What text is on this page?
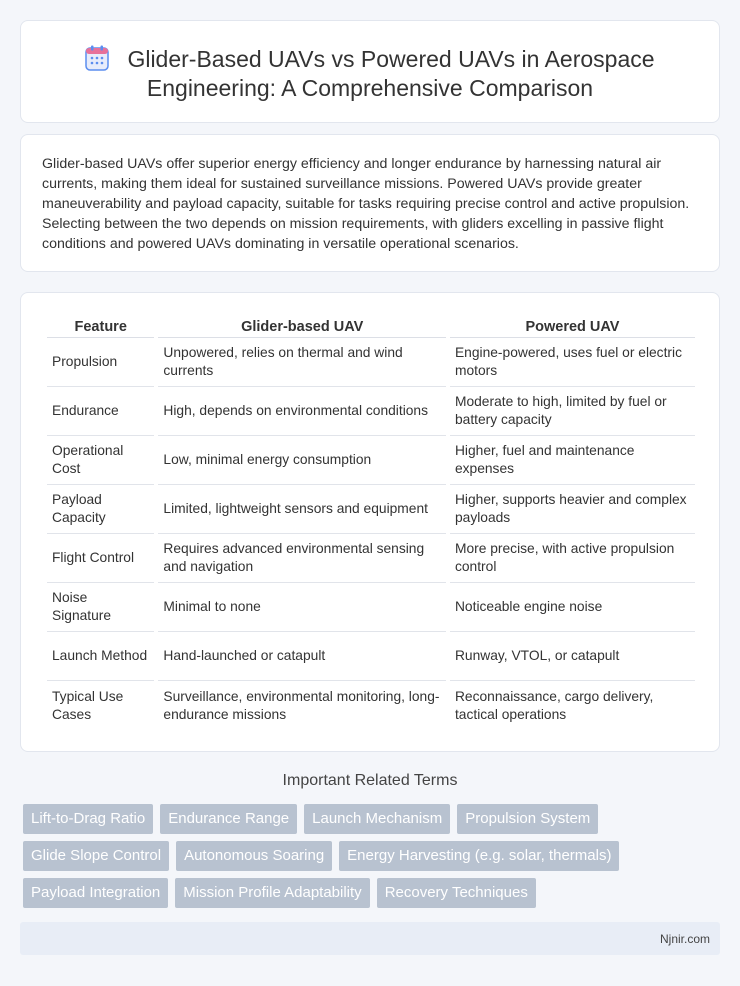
Glider-Based UAVs vs Powered UAVs in Aerospace
Engineering: A Comprehensive Comparison

Glider-based UAVs offer superior energy efficiency and longer endurance by harnessing natural air currents, making them ideal for sustained surveillance missions. Powered UAVs provide greater maneuverability and payload capacity, suitable for tasks requiring precise control and active propulsion. Selecting between the two depends on mission requirements, with gliders excelling in passive flight conditions and powered UAVs dominating in versatile operational scenarios.

Feature	Glider-based UAV	Powered UAV
Propulsion	Unpowered, relies on thermal and wind currents	Engine-powered, uses fuel or electric motors
Endurance	High, depends on environmental conditions	Moderate to high, limited by fuel or battery capacity
Operational Cost	Low, minimal energy consumption	Higher, fuel and maintenance expenses
Payload Capacity	Limited, lightweight sensors and equipment	Higher, supports heavier and complex payloads
Flight Control	Requires advanced environmental sensing and navigation	More precise, with active propulsion control
Noise Signature	Minimal to none	Noticeable engine noise
Launch Method	Hand-launched or catapult	Runway, VTOL, or catapult
Typical Use Cases	Surveillance, environmental monitoring, long-endurance missions	Reconnaissance, cargo delivery, tactical operations
Important Related Terms
Lift-to-Drag Ratio	Endurance Range	Launch Mechanism	Propulsion System
Glide Slope Control	Autonomous Soaring	Energy Harvesting (e.g. solar, thermals)
Payload Integration	Mission Profile Adaptability	Recovery Techniques
Njnir.com
